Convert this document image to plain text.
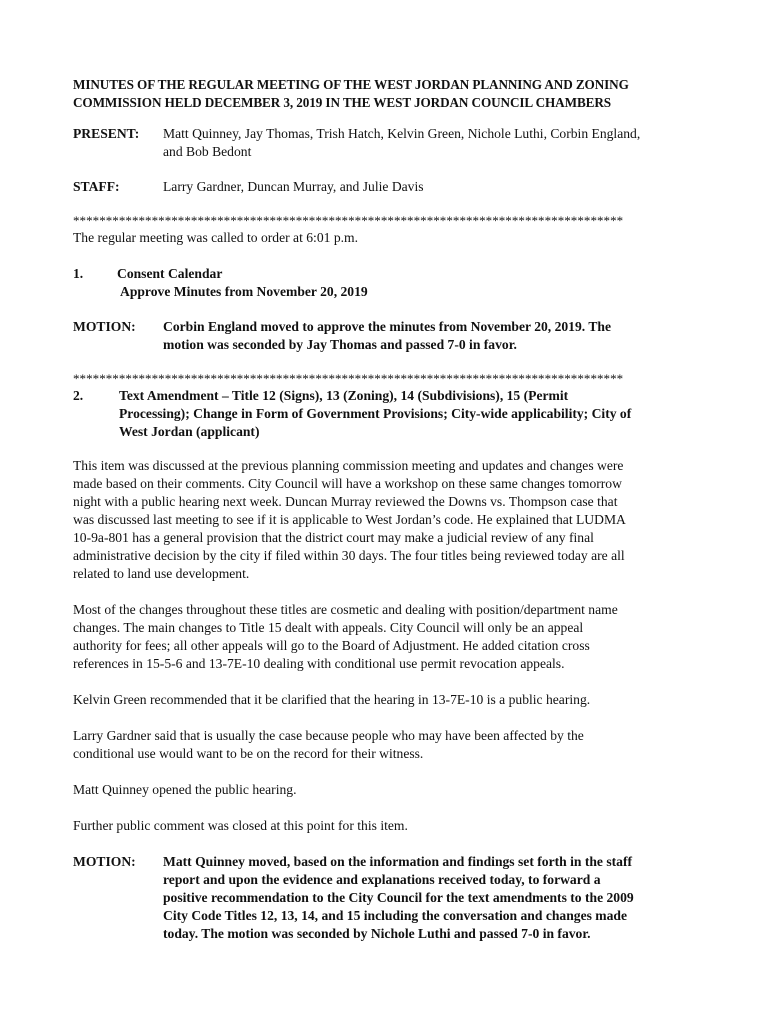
MINUTES OF THE REGULAR MEETING OF THE WEST JORDAN PLANNING AND ZONING
COMMISSION HELD DECEMBER 3, 2019 IN THE WEST JORDAN COUNCIL CHAMBERS
PRESENT:	Matt Quinney, Jay Thomas, Trish Hatch, Kelvin Green, Nichole Luthi, Corbin England,
and Bob Bedont
STAFF:	Larry Gardner, Duncan Murray, and Julie Davis
************************************************************************************

The regular meeting was called to order at 6:01 p.m.

1.	Consent Calendar
Approve Minutes from November 20, 2019
MOTION:	Corbin England moved to approve the minutes from November 20, 2019. The
motion was seconded by Jay Thomas and passed 7-0 in favor.
************************************************************************************
2.	Text Amendment – Title 12 (Signs), 13 (Zoning), 14 (Subdivisions), 15 (Permit
Processing); Change in Form of Government Provisions; City-wide applicability; City of
West Jordan (applicant)
This item was discussed at the previous planning commission meeting and updates and changes were
made based on their comments. City Council will have a workshop on these same changes tomorrow
night with a public hearing next week. Duncan Murray reviewed the Downs vs. Thompson case that
was discussed last meeting to see if it is applicable to West Jordan’s code. He explained that LUDMA
10-9a-801 has a general provision that the district court may make a judicial review of any final
administrative decision by the city if filed within 30 days. The four titles being reviewed today are all
related to land use development.
Most of the changes throughout these titles are cosmetic and dealing with position/department name
changes. The main changes to Title 15 dealt with appeals. City Council will only be an appeal
authority for fees; all other appeals will go to the Board of Adjustment. He added citation cross
references in 15-5-6 and 13-7E-10 dealing with conditional use permit revocation appeals.
Kelvin Green recommended that it be clarified that the hearing in 13-7E-10 is a public hearing.
Larry Gardner said that is usually the case because people who may have been affected by the
conditional use would want to be on the record for their witness.
Matt Quinney opened the public hearing.
Further public comment was closed at this point for this item.
MOTION:	Matt Quinney moved, based on the information and findings set forth in the staff
report and upon the evidence and explanations received today, to forward a
positive recommendation to the City Council for the text amendments to the 2009
City Code Titles 12, 13, 14, and 15 including the conversation and changes made
today. The motion was seconded by Nichole Luthi and passed 7-0 in favor.
